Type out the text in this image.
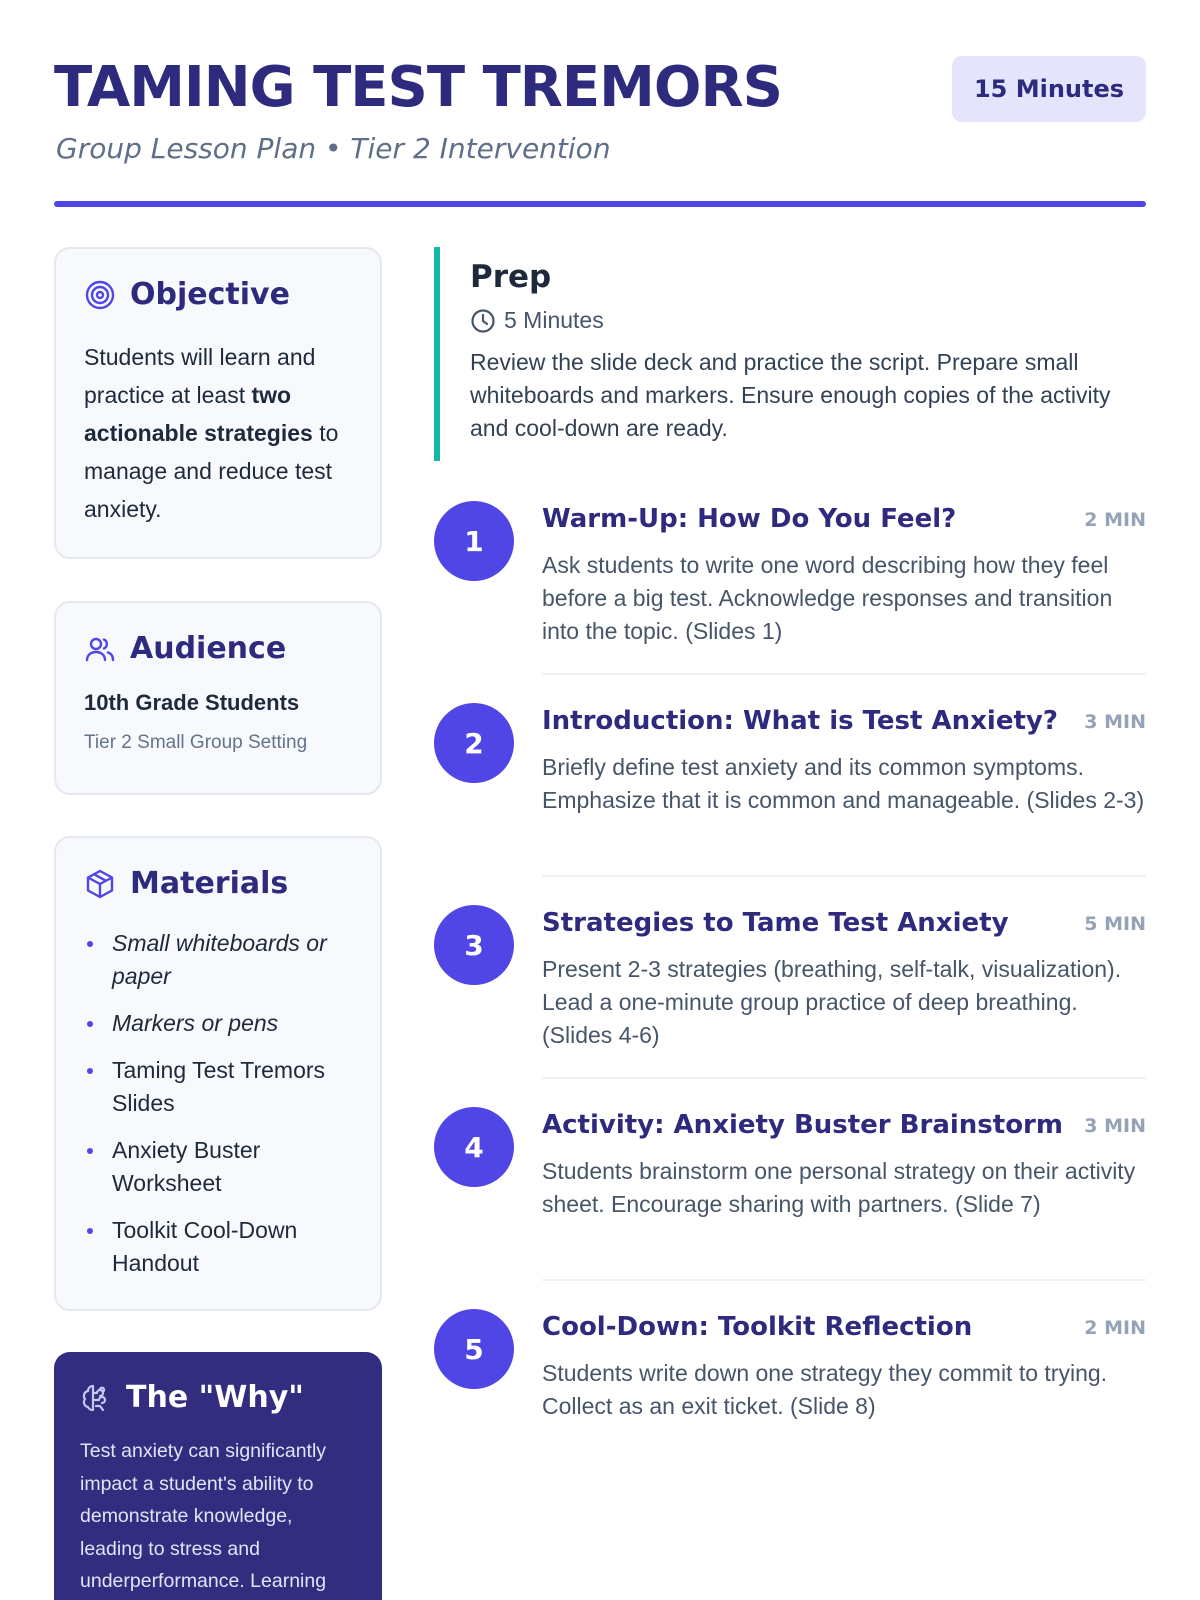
TAMING TEST TREMORS
Group Lesson Plan • Tier 2 Intervention
15 Minutes
Objective

Students will learn and practice at least two actionable strategies to manage and reduce test anxiety.

Audience
10th Grade Students
Tier 2 Small Group Setting
Materials
Small whiteboards or paper
Markers or pens
Taming Test Tremors Slides
Anxiety Buster Worksheet
Toolkit Cool-Down Handout
The "Why"

Test anxiety can significantly impact a student's ability to demonstrate knowledge, leading to stress and underperformance. Learning

Prep
5 Minutes

Review the slide deck and practice the script. Prepare small whiteboards and markers. Ensure enough copies of the activity and cool-down are ready.

1
Warm-Up: How Do You Feel?	2 MIN

Ask students to write one word describing how they feel before a big test. Acknowledge responses and transition into the topic. (Slides 1)

2
Introduction: What is Test Anxiety?	3 MIN

Briefly define test anxiety and its common symptoms. Emphasize that it is common and manageable. (Slides 2-3)

3
Strategies to Tame Test Anxiety	5 MIN

Present 2-3 strategies (breathing, self-talk, visualization). Lead a one-minute group practice of deep breathing. (Slides 4-6)

4
Activity: Anxiety Buster Brainstorm	3 MIN

Students brainstorm one personal strategy on their activity sheet. Encourage sharing with partners. (Slide 7)

5
Cool-Down: Toolkit Reflection	2 MIN

Students write down one strategy they commit to trying. Collect as an exit ticket. (Slide 8)
